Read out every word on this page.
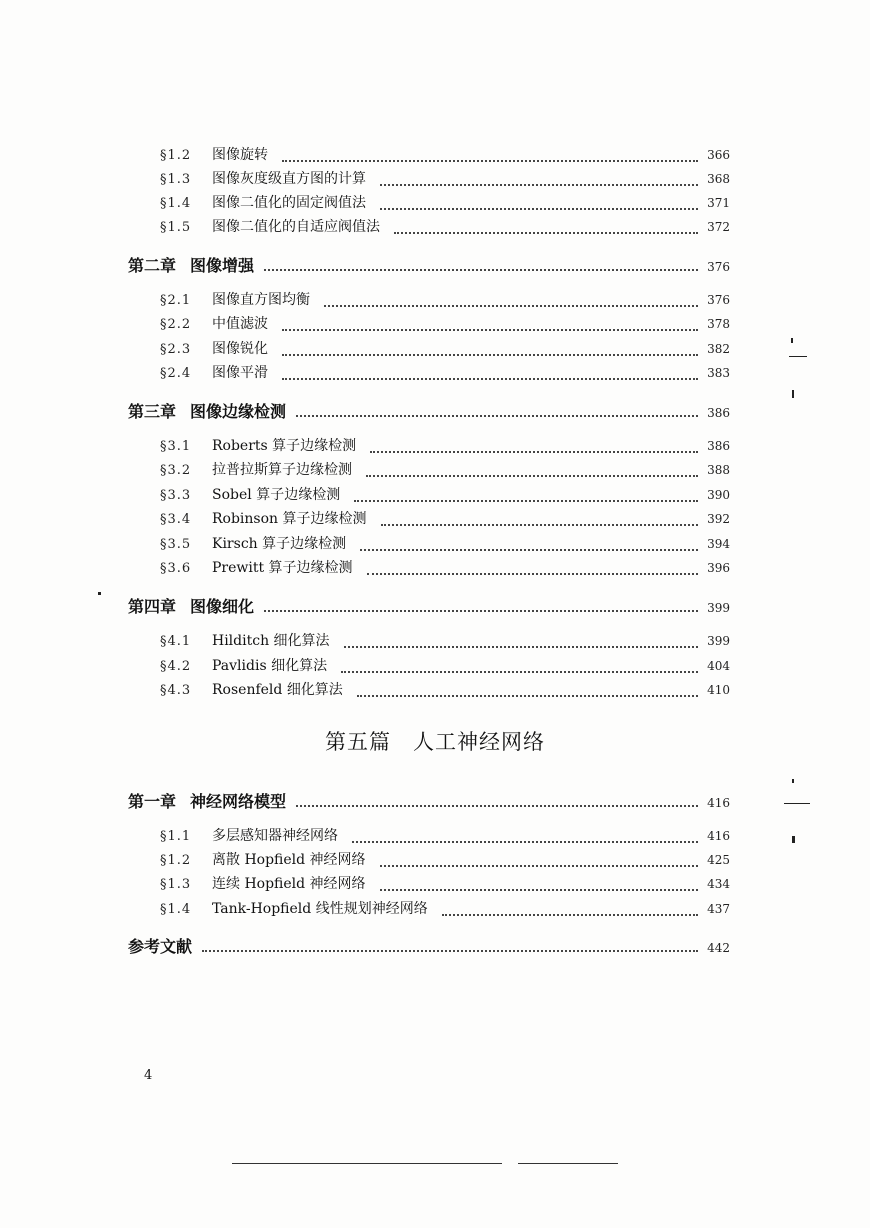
§1.2	图像旋转	366
§1.3	图像灰度级直方图的计算	368
§1.4	图像二值化的固定阀值法	371
§1.5	图像二值化的自适应阀值法	372
第二章 图像增强	376
§2.1	图像直方图均衡	376
§2.2	中值滤波	378
§2.3	图像锐化	382
§2.4	图像平滑	383
第三章 图像边缘检测	386
§3.1	Roberts 算子边缘检测	386
§3.2	拉普拉斯算子边缘检测	388
§3.3	Sobel 算子边缘检测	390
§3.4	Robinson 算子边缘检测	392
§3.5	Kirsch 算子边缘检测	394
§3.6	Prewitt 算子边缘检测	396
第四章 图像细化	399
§4.1	Hilditch 细化算法	399
§4.2	Pavlidis 细化算法	404
§4.3	Rosenfeld 细化算法	410
第五篇 人工神经网络
第一章 神经网络模型	416
§1.1	多层感知器神经网络	416
§1.2	离散 Hopfield 神经网络	425
§1.3	连续 Hopfield 神经网络	434
§1.4	Tank-Hopfield 线性规划神经网络	437
参考文献	442
4
